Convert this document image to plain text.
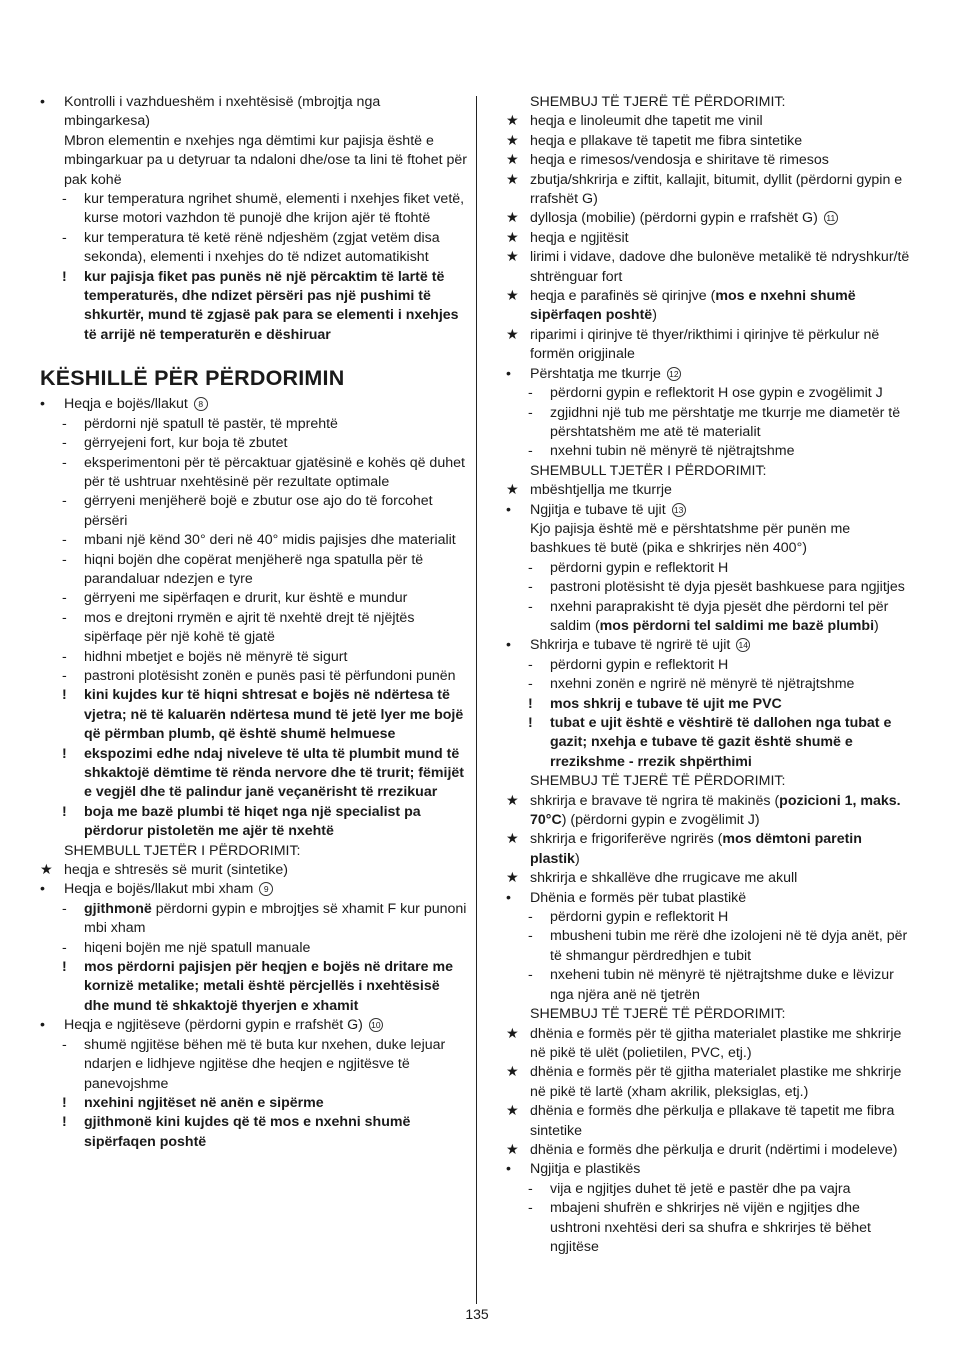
•	Kontrolli i vazhdueshëm i nxehtësisë (mbrojtja nga mbingarkesa)
Mbron elementin e nxehjes nga dëmtimi kur pajisja është e mbingarkuar pa u detyruar ta ndaloni dhe/ose ta lini të ftohet për pak kohë
-	kur temperatura ngrihet shumë, elementi i nxehjes fiket vetë, kurse motori vazhdon të punojë dhe krijon ajër të ftohtë
-	kur temperatura të ketë rënë ndjeshëm (zgjat vetëm disa sekonda), elementi i nxehjes do të ndizet automatikisht
!	kur pajisja fiket pas punës në një përcaktim të lartë të temperaturës, dhe ndizet përsëri pas një pushimi të shkurtër, mund të zgjasë pak para se elementi i nxehjes të arrijë në temperaturën e dëshiruar
KËSHILLË PËR PËRDORIMIN
•	Heqja e bojës/llakut 8
-	përdorni një spatull të pastër, të mprehtë
-	gërryejeni fort, kur boja të zbutet
-	eksperimentoni për të përcaktuar gjatësinë e kohës që duhet për të ushtruar nxehtësinë për rezultate optimale
-	gërryeni menjëherë bojë e zbutur ose ajo do të forcohet përsëri
-	mbani një kënd 30° deri në 40° midis pajisjes dhe materialit
-	hiqni bojën dhe copërat menjëherë nga spatulla për të parandaluar ndezjen e tyre
-	gërryeni me sipërfaqen e drurit, kur është e mundur
-	mos e drejtoni rrymën e ajrit të nxehtë drejt të njëjtës sipërfaqe për një kohë të gjatë
-	hidhni mbetjet e bojës në mënyrë të sigurt
-	pastroni plotësisht zonën e punës pasi të përfundoni punën
!	kini kujdes kur të hiqni shtresat e bojës në ndërtesa të vjetra; në të kaluarën ndërtesa mund të jetë lyer me bojë që përmban plumb, që është shumë helmuese
!	ekspozimi edhe ndaj niveleve të ulta të plumbit mund të shkaktojë dëmtime të rënda nervore dhe të trurit; fëmijët e vegjël dhe të palindur janë veçanërisht të rrezikuar
!	boja me bazë plumbi të hiqet nga një specialist pa përdorur pistoletën me ajër të nxehtë
SHEMBULL TJETËR I PËRDORIMIT:
★ heqja e shtresës së murit (sintetike)
•	Heqja e bojës/llakut mbi xham 9
-	gjithmonë përdorni gypin e mbrojtjes së xhamit F kur punoni mbi xham
-	hiqeni bojën me një spatull manuale
!	mos përdorni pajisjen për heqjen e bojës në dritare me kornizë metalike; metali është përcjellës i nxehtësisë dhe mund të shkaktojë thyerjen e xhamit
•	Heqja e ngjitëseve (përdorni gypin e rrafshët G) 10
-	shumë ngjitëse bëhen më të buta kur nxehen, duke lejuar ndarjen e lidhjeve ngjitëse dhe heqjen e ngjitësve të panevojshme
!	nxehini ngjitëset në anën e sipërme
!	gjithmonë kini kujdes që të mos e nxehni shumë sipërfaqen poshtë
SHEMBUJ TË TJERË TË PËRDORIMIT:
★ heqja e linoleumit dhe tapetit me vinil
★ heqja e pllakave të tapetit me fibra sintetike
★ heqja e rimesos/vendosja e shiritave të rimesos
★ zbutja/shkrirja e ziftit, kallajit, bitumit, dyllit (përdorni gypin e rrafshët G)
★ dyllosja (mobilie) (përdorni gypin e rrafshët G) 11
★ heqja e ngjitësit
★ lirimi i vidave, dadove dhe bulonëve metalikë të ndryshkur/të shtrënguar fort
★ heqja e parafinës së qirinjve (mos e nxehni shumë sipërfaqen poshtë)
★ riparimi i qirinjve të thyer/rikthimi i qirinjve të përkulur në formën origjinale
•	Përshtatja me tkurrje 12
-	përdorni gypin e reflektorit H ose gypin e zvogëlimit J
-	zgjidhni një tub me përshtatje me tkurrje me diametër të përshtatshëm me atë të materialit
-	nxehni tubin në mënyrë të njëtrajtshme
SHEMBULL TJETËR I PËRDORIMIT:
★ mbështjellja me tkurrje
•	Ngjitja e tubave të ujit 13
Kjo pajisja është më e përshtatshme për punën me bashkues të butë (pika e shkrirjes nën 400°)
-	përdorni gypin e reflektorit H
-	pastroni plotësisht të dyja pjesët bashkuese para ngjitjes
-	nxehni paraprakisht të dyja pjesët dhe përdorni tel për saldim (mos përdorni tel saldimi me bazë plumbi)
•	Shkrirja e tubave të ngrirë të ujit 14
-	përdorni gypin e reflektorit H
-	nxehni zonën e ngrirë në mënyrë të njëtrajtshme
!	mos shkrij e tubave të ujit me PVC
!	tubat e ujit është e vështirë të dallohen nga tubat e gazit; nxehja e tubave të gazit është shumë e rrezikshme - rrezik shpërthimi
SHEMBUJ TË TJERË TË PËRDORIMIT:
★ shkrirja e bravave të ngrira të makinës (pozicioni 1, maks. 70°C) (përdorni gypin e zvogëlimit J)
★ shkrirja e frigoriferëve ngrirës (mos dëmtoni paretin plastik)
★ shkrirja e shkallëve dhe rrugicave me akull
•	Dhënia e formës për tubat plastikë
-	përdorni gypin e reflektorit H
-	mbusheni tubin me rërë dhe izolojeni në të dyja anët, për të shmangur përdredhjen e tubit
-	nxeheni tubin në mënyrë të njëtrajtshme duke e lëvizur nga njëra anë në tjetrën
SHEMBUJ TË TJERË TË PËRDORIMIT:
★ dhënia e formës për të gjitha materialet plastike me shkrirje në pikë të ulët (polietilen, PVC, etj.)
★ dhënia e formës për të gjitha materialet plastike me shkrirje në pikë të lartë (xham akrilik, pleksiglas, etj.)
★ dhënia e formës dhe përkulja e pllakave të tapetit me fibra sintetike
★ dhënia e formës dhe përkulja e drurit (ndërtimi i modeleve)
•	Ngjitja e plastikës
-	vija e ngjitjes duhet të jetë e pastër dhe pa vajra
-	mbajeni shufrën e shkrirjes në vijën e ngjitjes dhe ushtroni nxehtësi deri sa shufra e shkrirjes të bëhet ngjitëse
135
